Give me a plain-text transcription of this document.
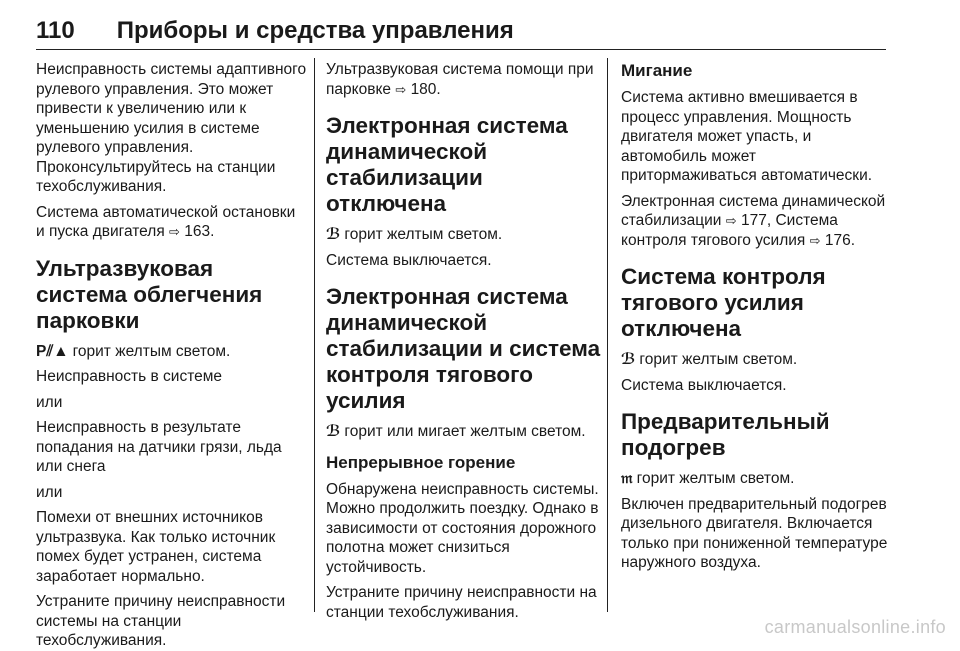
110 Приборы и средства управления

Неисправность системы адаптивного рулевого управления. Это может привести к увеличению или к уменьшению усилия в системе рулевого управления. Проконсультируйтесь на станции техобслуживания.

Система автоматической остановки и пуска двигателя ⇨ 163.

Ультразвуковая система облегчения парковки

P⫽▲ горит желтым светом.

Неисправность в системе

или

Неисправность в результате попадания на датчики грязи, льда или снега

или

Помехи от внешних источников ультразвука. Как только источник помех будет устранен, система заработает нормально.

Устраните причину неисправности системы на станции техобслуживания.

Ультразвуковая система помощи при парковке ⇨ 180.

Электронная система динамической стабилизации отключена

ℬ горит желтым светом.

Система выключается.

Электронная система динамической стабилизации и система контроля тягового усилия

ℬ горит или мигает желтым светом.

Непрерывное горение

Обнаружена неисправность системы. Можно продолжить поездку. Однако в зависимости от состояния дорожного полотна может снизиться устойчивость.

Устраните причину неисправности на станции техобслуживания.

Мигание

Система активно вмешивается в процесс управления. Мощность двигателя может упасть, и автомобиль может притормаживаться автоматически.

Электронная система динамической стабилизации ⇨ 177, Система контроля тягового усилия ⇨ 176.

Система контроля тягового усилия отключена

ℬ горит желтым светом.

Система выключается.

Предварительный подогрев

𝔪 горит желтым светом.

Включен предварительный подогрев дизельного двигателя. Включается только при пониженной температуре наружного воздуха.

carmanualsonline.info
